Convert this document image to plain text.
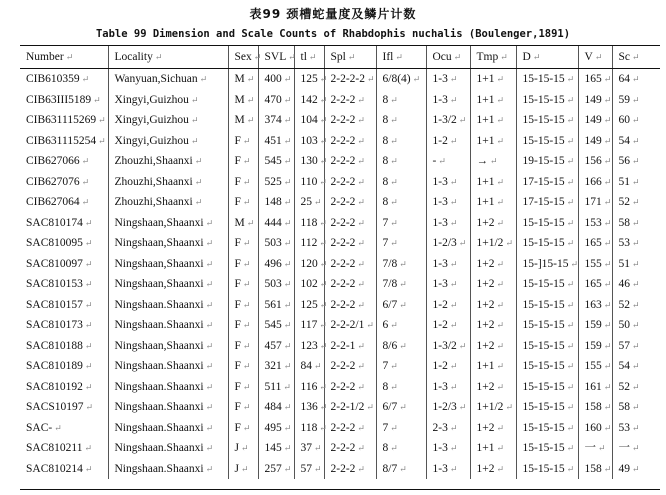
表99 颈槽蛇量度及鳞片计数
Table 99 Dimension and Scale Counts of Rhabdophis nuchalis (Boulenger,1891)
Number ↵	Locality ↵	Sex ↵	SVL ↵	tl ↵	Spl ↵	Ifl ↵	Ocu ↵	Tmp ↵	D ↵	V ↵	Sc ↵
CIB610359 ↵	Wanyuan,Sichuan ↵	M ↵	400 ↵	125 ↵	2-2-2-2 ↵	6/8(4) ↵	1-3 ↵	1+1 ↵	15-15-15 ↵	165 ↵	64 ↵
CIB63III5189 ↵	Xingyi,Guizhou ↵	M ↵	470 ↵	142 ↵	2-2-2 ↵	8 ↵	1-3 ↵	1+1 ↵	15-15-15 ↵	149 ↵	59 ↵
CIB631115269 ↵	Xingyi,Guizhou ↵	M ↵	374 ↵	104 ↵	2-2-2 ↵	8 ↵	1-3/2 ↵	1+1 ↵	15-15-15 ↵	149 ↵	60 ↵
CIB631115254 ↵	Xingyi,Guizhou ↵	F ↵	451 ↵	103 ↵	2-2-2 ↵	8 ↵	1-2 ↵	1+1 ↵	15-15-15 ↵	149 ↵	54 ↵
CIB627066 ↵	Zhouzhi,Shaanxi ↵	F ↵	545 ↵	130 ↵	2-2-2 ↵	8 ↵	- ↵	→ ↵	19-15-15 ↵	156 ↵	56 ↵
CIB627076 ↵	Zhouzhi,Shaanxi ↵	F ↵	525 ↵	110 ↵	2-2-2 ↵	8 ↵	1-3 ↵	1+1 ↵	17-15-15 ↵	166 ↵	51 ↵
CIB627064 ↵	Zhouzhi,Shaanxi ↵	F ↵	148 ↵	25 ↵	2-2-2 ↵	8 ↵	1-3 ↵	1+1 ↵	17-15-15 ↵	171 ↵	52 ↵
SAC810174 ↵	Ningshaan,Shaanxi ↵	M ↵	444 ↵	118 ↵	2-2-2 ↵	7 ↵	1-3 ↵	1+2 ↵	15-15-15 ↵	153 ↵	58 ↵
SAC810095 ↵	Ningshaan,Shaanxi ↵	F ↵	503 ↵	112 ↵	2-2-2 ↵	7 ↵	1-2/3 ↵	1+1/2 ↵	15-15-15 ↵	165 ↵	53 ↵
SAC810097 ↵	Ningshaan,Shaanxi ↵	F ↵	496 ↵	120 ↵	2-2-2 ↵	7/8 ↵	1-3 ↵	1+2 ↵	15-]15-15 ↵	155 ↵	51 ↵
SAC810153 ↵	Ningshaan,Shaanxi ↵	F ↵	503 ↵	102 ↵	2-2-2 ↵	7/8 ↵	1-3 ↵	1+2 ↵	15-15-15 ↵	165 ↵	46 ↵
SAC810157 ↵	Ningshaan.Shaanxi ↵	F ↵	561 ↵	125 ↵	2-2-2 ↵	6/7 ↵	1-2 ↵	1+2 ↵	15-15-15 ↵	163 ↵	52 ↵
SAC810173 ↵	Ningshaan.Shaanxi ↵	F ↵	545 ↵	117 ↵	2-2-2/1 ↵	6 ↵	1-2 ↵	1+2 ↵	15-15-15 ↵	159 ↵	50 ↵
SAC810188 ↵	Ningshaan,Shaanxi ↵	F ↵	457 ↵	123 ↵	2-2-1 ↵	8/6 ↵	1-3/2 ↵	1+2 ↵	15-15-15 ↵	159 ↵	57 ↵
SAC810189 ↵	Ningshaan.Shaanxi ↵	F ↵	321 ↵	84 ↵	2-2-2 ↵	7 ↵	1-2 ↵	1+1 ↵	15-15-15 ↵	155 ↵	54 ↵
SAC810192 ↵	Ningshaan.Shaanxi ↵	F ↵	511 ↵	116 ↵	2-2-2 ↵	8 ↵	1-3 ↵	1+2 ↵	15-15-15 ↵	161 ↵	52 ↵
SACS10197 ↵	Ningshaan.Shaanxi ↵	F ↵	484 ↵	136 ↵	2-2-1/2 ↵	6/7 ↵	1-2/3 ↵	1+1/2 ↵	15-15-15 ↵	158 ↵	58 ↵
SAC- ↵	Ningshaan.Shaanxi ↵	F ↵	495 ↵	118 ↵	2-2-2 ↵	7 ↵	2-3 ↵	1+2 ↵	15-15-15 ↵	160 ↵	53 ↵
SAC810211 ↵	Ningshaan.Shaanxi ↵	J ↵	145 ↵	37 ↵	2-2-2 ↵	8 ↵	1-3 ↵	1+1 ↵	15-15-15 ↵	一 ↵	一 ↵
SAC810214 ↵	Ningshaan.Shaanxi ↵	J ↵	257 ↵	57 ↵	2-2-2 ↵	8/7 ↵	1-3 ↵	1+2 ↵	15-15-15 ↵	158 ↵	49 ↵
